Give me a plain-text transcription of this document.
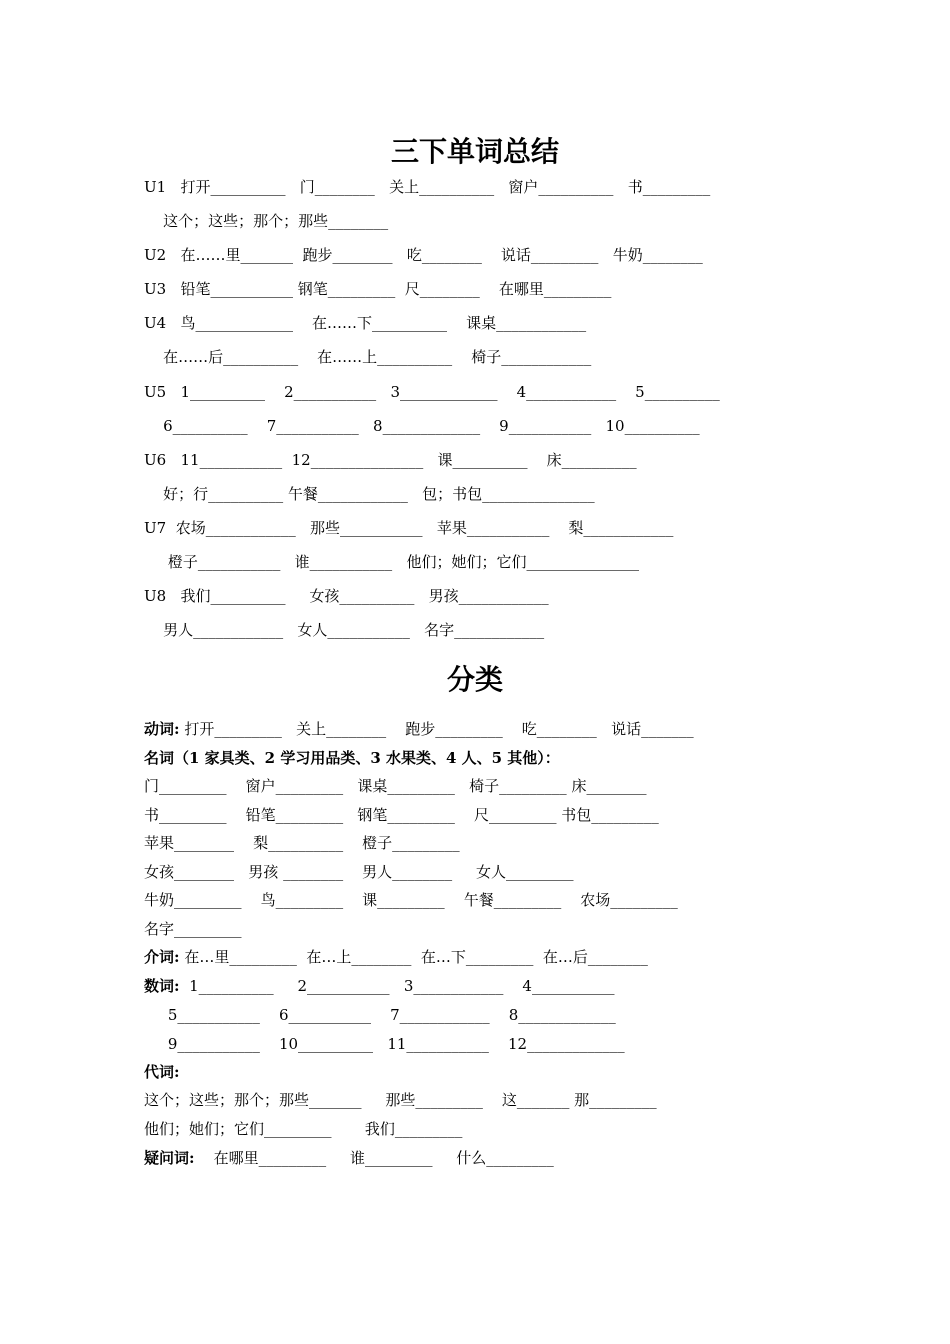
三下单词总结
U1   打开__________   门________   关上__________   窗户__________   书_________
这个；这些；那个；那些________
U2   在……里_______  跑步________   吃________    说话_________   牛奶________
U3   铅笔___________ 钢笔_________  尺________    在哪里_________
U4   鸟_____________    在……下__________    课桌____________
在……后__________    在……上__________    椅子____________
U5   1__________    2___________   3_____________    4____________    5__________
6__________    7___________   8_____________    9___________   10__________
U6   11___________  12_______________   课__________    床__________
好；行__________ 午餐____________   包；书包_______________
U7  农场____________   那些___________   苹果___________    梨____________
橙子___________   谁___________   他们；她们；它们_______________
U8   我们__________     女孩__________   男孩____________
男人____________   女人___________   名字____________
分类
动词: 打开_________   关上________    跑步_________    吃________   说话_______
名词（1 家具类、2 学习用品类、3 水果类、4 人、5 其他）：
门_________    窗户_________   课桌_________   椅子_________ 床________
书_________    铅笔_________   钢笔_________    尺_________ 书包_________
苹果________    梨__________    橙子_________
女孩________   男孩 ________    男人________     女人_________
牛奶_________    鸟_________    课_________    午餐_________    农场_________
名字_________
介词: 在…里_________  在…上________  在…下_________  在…后________
数词:  1__________     2___________   3____________    4___________
5___________    6___________    7____________    8_____________
9___________    10__________   11___________    12_____________
代词:
这个；这些；那个；那些_______     那些_________    这_______ 那_________
他们；她们；它们_________       我们_________
疑问词:    在哪里_________     谁_________     什么_________
